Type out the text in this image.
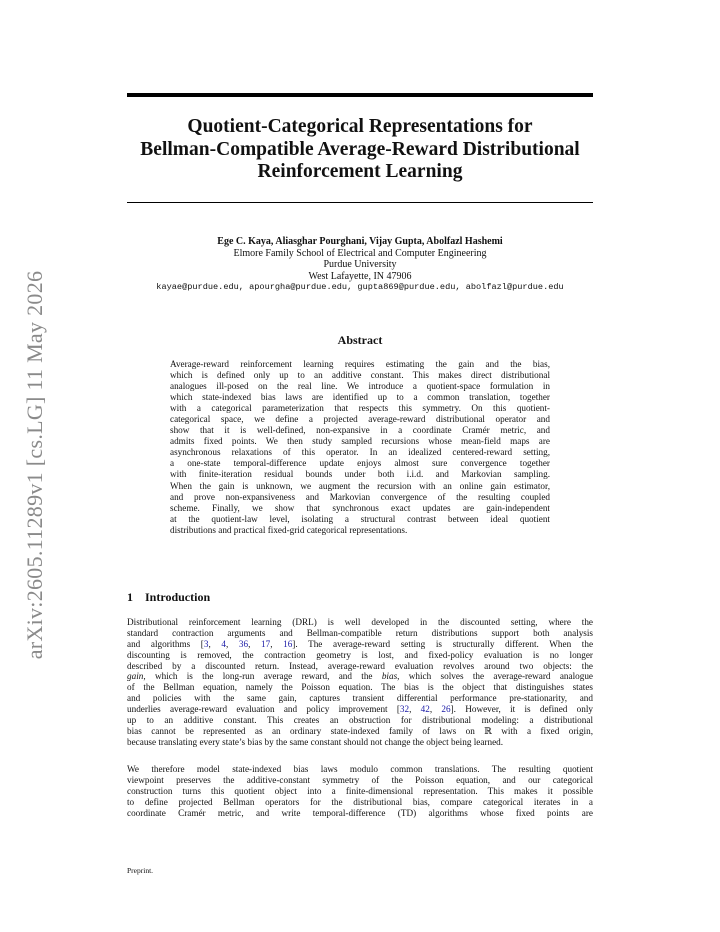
arXiv:2605.11289v1 [cs.LG] 11 May 2026
Quotient-Categorical Representations for
Bellman-Compatible Average-Reward Distributional
Reinforcement Learning
Ege C. Kaya, Aliasghar Pourghani, Vijay Gupta, Abolfazl Hashemi
Elmore Family School of Electrical and Computer Engineering
Purdue University
West Lafayette, IN 47906
kayae@purdue.edu, apourgha@purdue.edu, gupta869@purdue.edu, abolfazl@purdue.edu
Abstract
Average-reward reinforcement learning requires estimating the gain and the bias,
which is defined only up to an additive constant. This makes direct distributional
analogues ill-posed on the real line. We introduce a quotient-space formulation in
which state-indexed bias laws are identified up to a common translation, together
with a categorical parameterization that respects this symmetry. On this quotient-
categorical space, we define a projected average-reward distributional operator and
show that it is well-defined, non-expansive in a coordinate Cramér metric, and
admits fixed points. We then study sampled recursions whose mean-field maps are
asynchronous relaxations of this operator. In an idealized centered-reward setting,
a one-state temporal-difference update enjoys almost sure convergence together
with finite-iteration residual bounds under both i.i.d. and Markovian sampling.
When the gain is unknown, we augment the recursion with an online gain estimator,
and prove non-expansiveness and Markovian convergence of the resulting coupled
scheme. Finally, we show that synchronous exact updates are gain-independent
at the quotient-law level, isolating a structural contrast between ideal quotient
distributions and practical fixed-grid categorical representations.
1 Introduction
Distributional reinforcement learning (DRL) is well developed in the discounted setting, where the
standard contraction arguments and Bellman-compatible return distributions support both analysis
and algorithms [3, 4, 36, 17, 16]. The average-reward setting is structurally different. When the
discounting is removed, the contraction geometry is lost, and fixed-policy evaluation is no longer
described by a discounted return. Instead, average-reward evaluation revolves around two objects: the
gain, which is the long-run average reward, and the bias, which solves the average-reward analogue
of the Bellman equation, namely the Poisson equation. The bias is the object that distinguishes states
and policies with the same gain, captures transient differential performance pre-stationarity, and
underlies average-reward evaluation and policy improvement [32, 42, 26]. However, it is defined only
up to an additive constant. This creates an obstruction for distributional modeling: a distributional
bias cannot be represented as an ordinary state-indexed family of laws on ℝ with a fixed origin,
because translating every state’s bias by the same constant should not change the object being learned.
We therefore model state-indexed bias laws modulo common translations. The resulting quotient
viewpoint preserves the additive-constant symmetry of the Poisson equation, and our categorical
construction turns this quotient object into a finite-dimensional representation. This makes it possible
to define projected Bellman operators for the distributional bias, compare categorical iterates in a
coordinate Cramér metric, and write temporal-difference (TD) algorithms whose fixed points are
Preprint.
